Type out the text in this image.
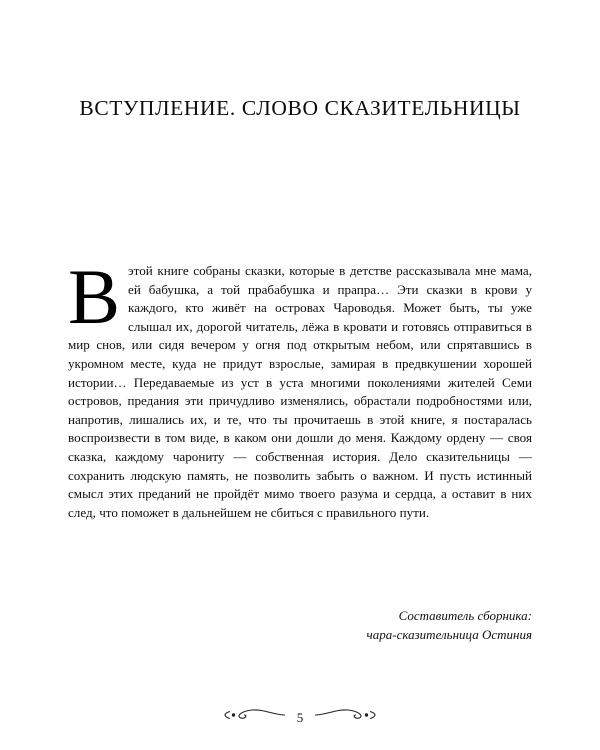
ВСТУПЛЕНИЕ. СЛОВО СКАЗИТЕЛЬНИЦЫ
В этой книге собраны сказки, которые в детстве рассказывала мне мама, ей бабушка, а той прабабушка и прапра… Эти сказки в крови у каждого, кто живёт на островах Чароводья. Может быть, ты уже слышал их, дорогой читатель, лёжа в кровати и готовясь отправиться в мир снов, или сидя вечером у огня под открытым небом, или спрятавшись в укромном месте, куда не придут взрослые, замирая в предвкушении хорошей истории… Передаваемые из уст в уста многими поколениями жителей Семи островов, предания эти причудливо изменялись, обрастали подробностями или, напротив, лишались их, и те, что ты прочитаешь в этой книге, я постаралась воспроизвести в том виде, в каком они дошли до меня. Каждому ордену — своя сказка, каждому чарониту — собственная история. Дело сказительницы — сохранить людскую память, не позволить забыть о важном. И пусть истинный смысл этих преданий не пройдёт мимо твоего разума и сердца, а оставит в них след, что поможет в дальнейшем не сбиться с правильного пути.
Составитель сборника:
чара-сказительница Остиния
5
